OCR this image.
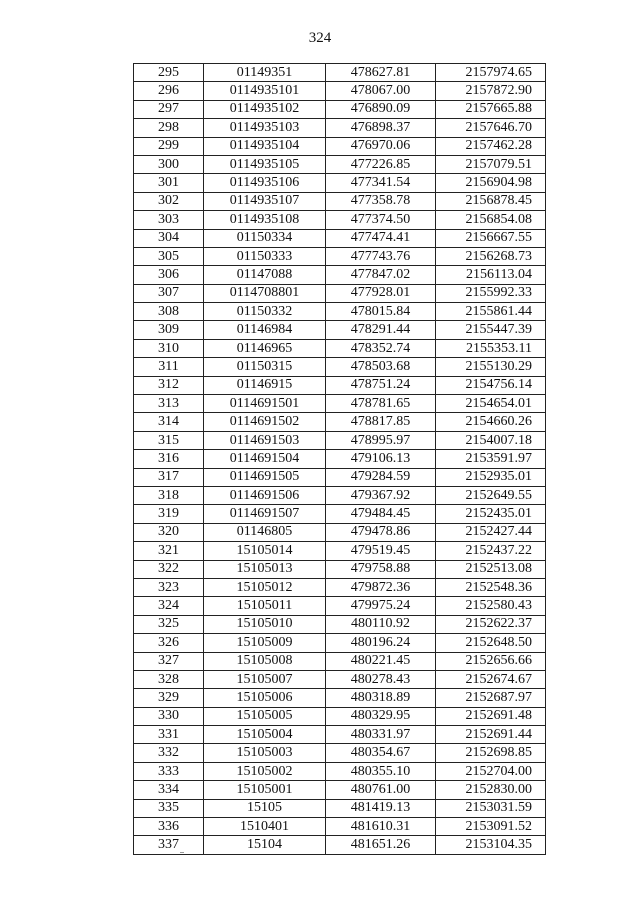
324
295	01149351	478627.81	2157974.65
296	0114935101	478067.00	2157872.90
297	0114935102	476890.09	2157665.88
298	0114935103	476898.37	2157646.70
299	0114935104	476970.06	2157462.28
300	0114935105	477226.85	2157079.51
301	0114935106	477341.54	2156904.98
302	0114935107	477358.78	2156878.45
303	0114935108	477374.50	2156854.08
304	01150334	477474.41	2156667.55
305	01150333	477743.76	2156268.73
306	01147088	477847.02	2156113.04
307	0114708801	477928.01	2155992.33
308	01150332	478015.84	2155861.44
309	01146984	478291.44	2155447.39
310	01146965	478352.74	2155353.11
311	01150315	478503.68	2155130.29
312	01146915	478751.24	2154756.14
313	0114691501	478781.65	2154654.01
314	0114691502	478817.85	2154660.26
315	0114691503	478995.97	2154007.18
316	0114691504	479106.13	2153591.97
317	0114691505	479284.59	2152935.01
318	0114691506	479367.92	2152649.55
319	0114691507	479484.45	2152435.01
320	01146805	479478.86	2152427.44
321	15105014	479519.45	2152437.22
322	15105013	479758.88	2152513.08
323	15105012	479872.36	2152548.36
324	15105011	479975.24	2152580.43
325	15105010	480110.92	2152622.37
326	15105009	480196.24	2152648.50
327	15105008	480221.45	2152656.66
328	15105007	480278.43	2152674.67
329	15105006	480318.89	2152687.97
330	15105005	480329.95	2152691.48
331	15105004	480331.97	2152691.44
332	15105003	480354.67	2152698.85
333	15105002	480355.10	2152704.00
334	15105001	480761.00	2152830.00
335	15105	481419.13	2153031.59
336	1510401	481610.31	2153091.52
337	15104	481651.26	2153104.35
